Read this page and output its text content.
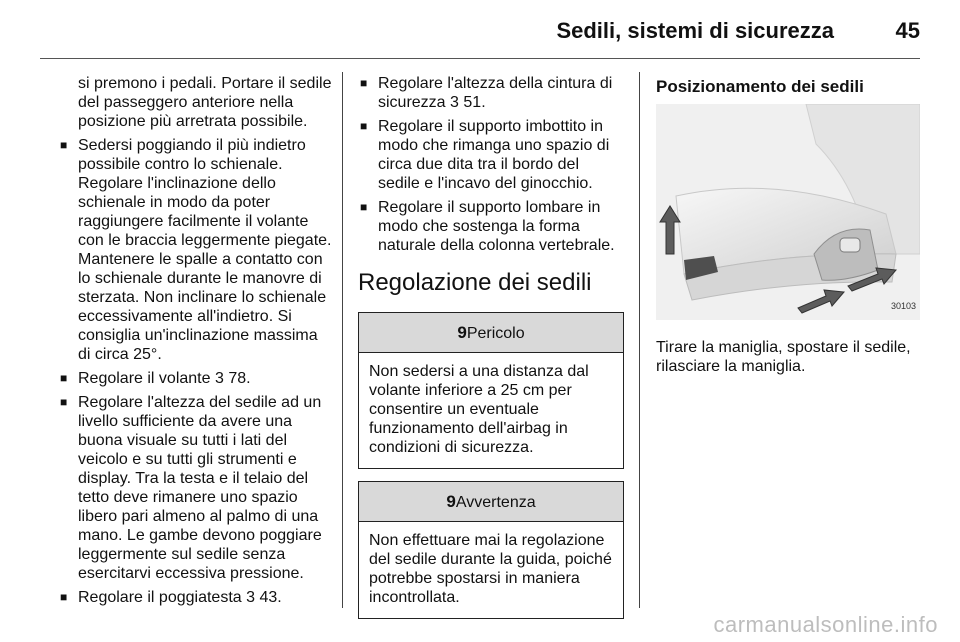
Sedili, sistemi di sicurezza	45

si premono i pedali. Portare il sedile del passeggero anteriore nella posizione più arretrata possibile.

■ Sedersi poggiando il più indietro possibile contro lo schienale. Regolare l'inclinazione dello schienale in modo da poter raggiungere facilmente il volante con le braccia leggermente piegate. Mantenere le spalle a contatto con lo schienale durante le manovre di sterzata. Non inclinare lo schienale eccessivamente all'indietro. Si consiglia un'inclinazione massima di circa 25°.
■ Regolare il volante 3 78.
■ Regolare l'altezza del sedile ad un livello sufficiente da avere una buona visuale su tutti i lati del veicolo e su tutti gli strumenti e display. Tra la testa e il telaio del tetto deve rimanere uno spazio libero pari almeno al palmo di una mano. Le gambe devono poggiare leggermente sul sedile senza esercitarvi eccessiva pressione.
■ Regolare il poggiatesta 3 43.
■ Regolare l'altezza della cintura di sicurezza 3 51.
■ Regolare il supporto imbottito in modo che rimanga uno spazio di circa due dita tra il bordo del sedile e l'incavo del ginocchio.
■ Regolare il supporto lombare in modo che sostenga la forma naturale della colonna vertebrale.
Regolazione dei sedili
9Pericolo
Non sedersi a una distanza dal volante inferiore a 25 cm per consentire un eventuale funzionamento dell'airbag in condizioni di sicurezza.
9Avvertenza
Non effettuare mai la regolazione del sedile durante la guida, poiché potrebbe spostarsi in maniera incontrollata.
Posizionamento dei sedili
30103

Tirare la maniglia, spostare il sedile, rilasciare la maniglia.

carmanualsonline.info
